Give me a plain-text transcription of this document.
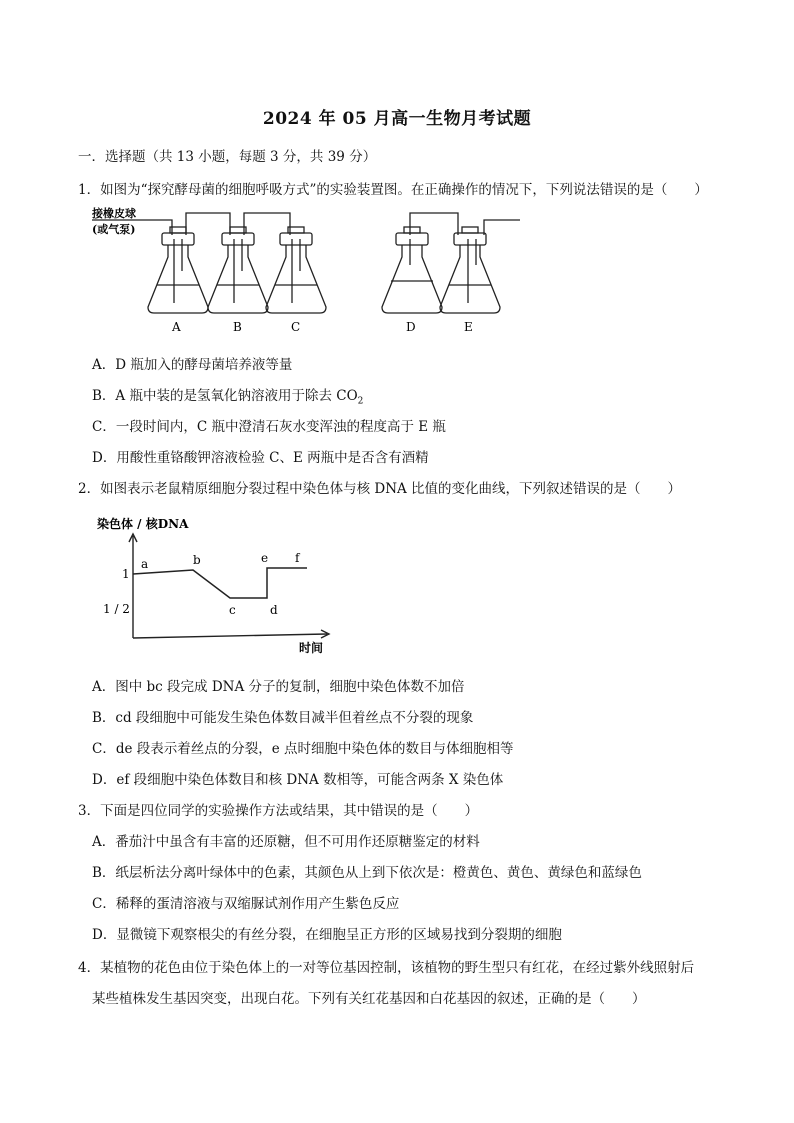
2024 年 05 月高一生物月考试题
一．选择题（共 13 小题，每题 3 分，共 39 分）
1．如图为“探究酵母菌的细胞呼吸方式”的实验装置图。在正确操作的情况下，下列说法错误的是（　　）
接橡皮球
(或气泵)
A	B	C	D	E
A．D 瓶加入的酵母菌培养液等量
B．A 瓶中装的是氢氧化钠溶液用于除去 $CO_2$
C．一段时间内，C 瓶中澄清石灰水变浑浊的程度高于 E 瓶
D．用酸性重铬酸钾溶液检验 C、E 两瓶中是否含有酒精
2．如图表示老鼠精原细胞分裂过程中染色体与核 DNA 比值的变化曲线，下列叙述错误的是（　　）
染色体 / 核DNA
1
1 / 2
a	b
c	d
e f
时间
A．图中 bc 段完成 DNA 分子的复制，细胞中染色体数不加倍
B．cd 段细胞中可能发生染色体数目减半但着丝点不分裂的现象
C．de 段表示着丝点的分裂，e 点时细胞中染色体的数目与体细胞相等
D．ef 段细胞中染色体数目和核 DNA 数相等，可能含两条 X 染色体
3．下面是四位同学的实验操作方法或结果，其中错误的是（　　）
A．番茄汁中虽含有丰富的还原糖，但不可用作还原糖鉴定的材料
B．纸层析法分离叶绿体中的色素，其颜色从上到下依次是：橙黄色、黄色、黄绿色和蓝绿色
C．稀释的蛋清溶液与双缩脲试剂作用产生紫色反应
D．显微镜下观察根尖的有丝分裂，在细胞呈正方形的区域易找到分裂期的细胞
4．某植物的花色由位于染色体上的一对等位基因控制，该植物的野生型只有红花，在经过紫外线照射后
某些植株发生基因突变，出现白花。下列有关红花基因和白花基因的叙述，正确的是（　　）
